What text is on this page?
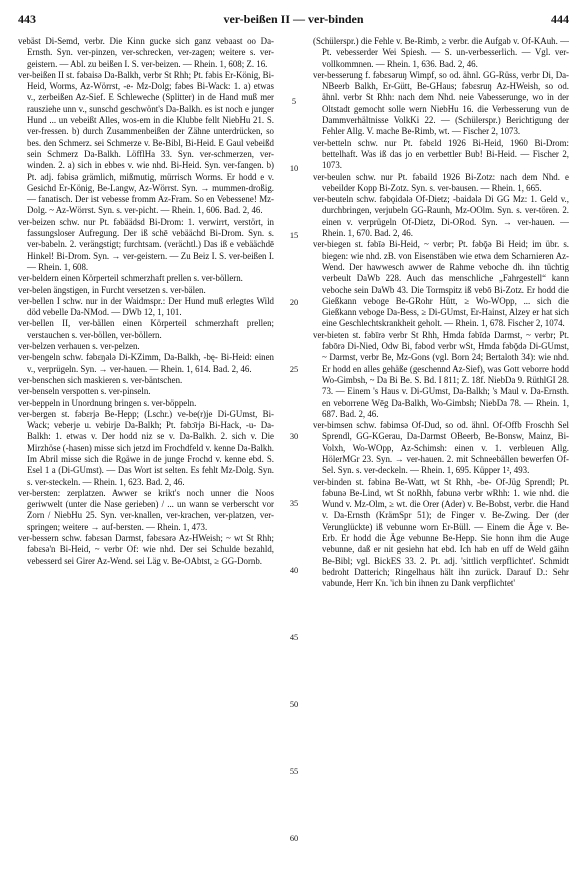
443	ver-beißen II — ver-binden	444

vebäst Di-Semd, verbr. Die Kinn gucke sich ganz vebaast oo Da-Ernsth. Syn. ver-pinzen, ver-schrecken, ver-zagen; weitere s. ver-geistern. — Abl. zu beißen I. S. ver-beizen. — Rhein. 1, 608; Z. 16.

ver-beißen II st. fəbaisə Da-Balkh, verbr St Rhh; Pt. fəbis Er-König, Bi-Heid, Worms, Az-Wörrst, -e- Mz-Dolg; fəbes Bi-Wack: 1. a) etwas v., zerbeißen Az-Sief. E Schleweche (Splitter) in de Hand muß mer rausziehe unn v., sunschd geschwönt's Da-Balkh. es ist noch e junger Hund ... un vebeißt Alles, wos-em in die Klubbe fellt NiebHu 21. S. ver-fressen. b) durch Zusammenbeißen der Zähne unterdrücken, so bes. den Schmerz. sei Schmerze v. Be-Bibl, Bi-Heid. E Gaul vebeißd sein Schmerz Da-Balkh. LöfflHa 33. Syn. ver-schmerzen, ver-winden. 2. a) sich in ebbes v. wie nhd. Bi-Heid. Syn. ver-fangen. b) Pt. adj. fəbisə grämlich, mißmutig, mürrisch Worms. Er hodd e v. Gesichd Er-König, Be-Langw, Az-Wörrst. Syn. → mummen-droßig. — fanatisch. Der ist vebesse fromm Az-Fram. So en Vebessene! Mz-Dolg. ~ Az-Wörrst. Syn. s. ver-picht. — Rhein. 1, 606. Bad. 2, 46.

ver-beizen schw. nur Pt. fəbäädsd Bi-Drom: 1. verwirrt, verstört, in fassungsloser Aufregung. Der iß schē vebäächd Bi-Drom. Syn. s. ver-babeln. 2. verängstigt; furchtsam. (verächtl.) Das iß e vebäächdē Hinkel! Bi-Drom. Syn. → ver-geistern. — Zu Beiz I. S. ver-beißen I. — Rhein. 1, 608.

ver-beldern einen Körperteil schmerzhaft prellen s. ver-böllern.

ver-belen ängstigen, in Furcht versetzen s. ver-bälen.

ver-bellen I schw. nur in der Waidmspr.: Der Hund muß erlegtes Wild död vebelle Da-NMod. — DWb 12, 1, 101.

ver-bellen II, ver-bällen einen Körperteil schmerzhaft prellen; verstauchen s. ver-böllen, ver-böllern.

ver-belzen verhauen s. ver-pelzen.

ver-bengeln schw. fəbɛŋələ Di-KZimm, Da-Balkh, -bę- Bi-Heid: einen v., verprügeln. Syn. → ver-hauen. — Rhein. 1, 614. Bad. 2, 46.

ver-benschen sich maskieren s. ver-bäntschen.

ver-benseln verspotten s. ver-pinseln.

ver-beppeln in Unordnung bringen s. ver-böppeln.

ver-bergen st. fəbɛrjə Be-Hepp; (Lschr.) ve-be(r)je Di-GUmst, Bi-Wack; veberje u. vebirje Da-Balkh; Pt. fəbɔ̄rjə Bi-Hack, -u- Da-Balkh: 1. etwas v. Der hodd niz se v. Da-Balkh. 2. sich v. Die Mirzhöse (-hasen) misse sich jetzd im Frochdfeld v. kenne Da-Balkh. Im Abril misse sich die Ro̲äwe in de junge Frochd v. kenne ebd. S. Esel 1 a (Di-GUmst). — Das Wort ist selten. Es fehlt Mz-Dolg. Syn. s. ver-steckeln. — Rhein. 1, 623. Bad. 2, 46.

ver-bersten: zerplatzen. Awwer se krikt's noch unner die Noos geriwwelt (unter die Nase gerieben) / ... un wann se verberscht vor Zorn / NiebHu 25. Syn. ver-knallen, ver-krachen, ver-platzen, ver-springen; weitere → auf-bersten. — Rhein. 1, 473.

ver-bessern schw. fəbɛsən Darmst, fəbɛsərə Az-HWeish; ~ wt St Rhh; fəbɛsə'n Bi-Heid, ~ verbr Of: wie nhd. Der sei Schulde bezahld, vebesserd sei Girer Az-Wend. sei Läg v. Be-OAbtst, ≥ GG-Dornb.

5
10
15
20
25
30
35
40
45
50
55
60

(Schülerspr.) die Fehle v. Be-Rimb, ≥ verbr. die Aufgab v. Of-KAuh. — Pt. vebesserder Wei Spiesh. — S. un-verbesserlich. — Vgl. ver-vollkommnen. — Rhein. 1, 636. Bad. 2, 46.

ver-besserung f. fəbɛsəruŋ Wimpf, so od. ähnl. GG-Rüss, verbr Di, Da-NBeerb Balkh, Er-Gütt, Be-GHaus; fəbɛsruŋ Az-HWeish, so od. ähnl. verbr St Rhh: nach dem Nhd. neie Vabesserunge, wo in der Oltstadt gemocht solle wern NiebHu 16. die Verbesserung vun de Dammverhältnisse VolkKi 22. — (Schülerspr.) Berichtigung der Fehler Allg. V. mache Be-Rimb, wt. — Fischer 2, 1073.

ver-betteln schw. nur Pt. fəbɛld 1926 Bi-Heid, 1960 Bi-Drom: bettelhaft. Was iß das jo en verbettler Bub! Bi-Heid. — Fischer 2, 1073.

ver-beulen schw. nur Pt. fəbaild 1926 Bi-Zotz: nach dem Nhd. e vebeilder Kopp Bi-Zotz. Syn. s. ver-bausen. — Rhein. 1, 665.

ver-beuteln schw. fəbǫidələ Of-Dietz; -baidələ Di GG Mz: 1. Geld v., durchbringen, verjubeln GG-Raunh, Mz-OOlm. Syn. s. ver-tören. 2. einen v. verprügeln Of-Dietz, Di-ORod. Syn. → ver-hauen. — Rhein. 1, 670. Bad. 2, 46.

ver-biegen st. fəbīə Bi-Heid, ~ verbr; Pt. fəbǭə Bi Heid; im übr. s. biegen: wie nhd. zB. von Eisenstäben wie etwa dem Scharnieren Az-Wend. Der hawwesch awwer de Rahme veboche dh. ihn tüchtig verbeult DaWb 228. Auch das menschliche „Fahrgestell“ kann veboche sein DaWb 43. Die Tormspitz iß vebō Bi-Zotz. Er hodd die Gießkann veboge Be-GRohr Hütt, ≥ Wo-WOpp, ... sich die Gießkann veboge Da-Bess, ≥ Di-GUmst, Er-Hainst, Alzey er hat sich eine Geschlechtskrankheit geholt. — Rhein. 1, 678. Fischer 2, 1074.

ver-bieten st. fəbīrə verbr St Rhh, Hmda fəbīdə Darmst, ~ verbr; Pt. fəbōrə Di-Nied, Odw Bi, fəbod verbr wSt, Hmda fəbǭdə Di-GUmst, ~ Darmst, verbr Be, Mz-Gons (vgl. Born 24; Bertaloth 34): wie nhd. Er hodd en alles gehäße (geschennd Az-Sief), was Gott veborre hodd Wo-Gimbsh, ~ Da Bi Be. S. Bd. I 811; Z. 18f. NiebDa 9. RüthlGI 28. 73. — Einem 's Haus v. Di-GUmst, Da-Balkh; 's Maul v. Da-Ernsth. en veborrene Wēg Da-Balkh, Wo-Gimbsh; NiebDa 78. — Rhein. 1, 687. Bad. 2, 46.

ver-bimsen schw. fəbimsə Of-Dud, so od. ähnl. Of-Offb Froschh Sel Sprendl, GG-KGerau, Da-Darmst OBeerb, Be-Bonsw, Mainz, Bi-Volxh, Wo-WOpp, Az-Schimsh: einen v. 1. verbleuen Allg. HölerMGr 23. Syn. → ver-hauen. 2. mit Schneebällen bewerfen Of-Sel. Syn. s. ver-deckeln. — Rhein. 1, 695. Küpper 1², 493.

ver-binden st. fəbinə Be-Watt, wt St Rhh, -be- Of-Jüg Sprendl; Pt. fəbunə Be-Lind, wt St noRhh, fəbunə verbr wRhh: 1. wie nhd. die Wund v. Mz-Olm, ≥ wt. die Orer (Ader) v. Be-Bobst, verbr. die Hand v. Da-Ernsth (KrämSpr 51); de Finger v. Be-Zwing. Der (der Verunglückte) iß vebunne worn Er-Büll. — Einem die Äge v. Be-Erb. Er hodd die Äge vebunne Be-Hepp. Sie honn ihm die Auge vebunne, daß er nit gesiehn hat ebd. Ich hab en uff de Weld gāihn Be-Bibl; vgl. BickES 33. 2. Pt. adj. 'sittlich verpflichtet'. Schmidt bedroht Datterich; Ringelhaus hält ihn zurück. Darauf D.: Sehr vabunde, Herr Kn. 'ich bin ihnen zu Dank verpflichtet'
